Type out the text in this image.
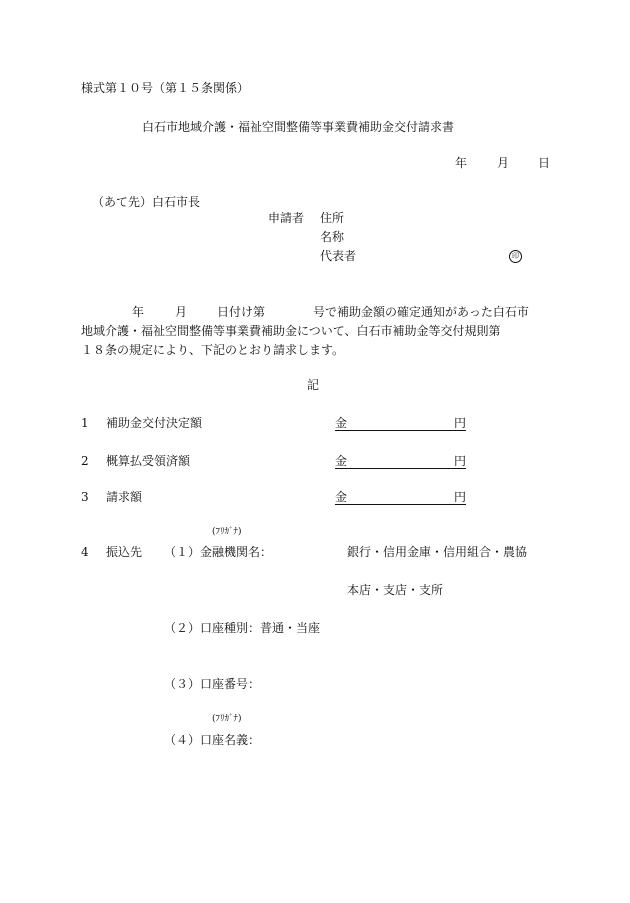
様式第１０号（第１５条関係）
白石市地域介護・福祉空間整備等事業費補助金交付請求書
年 月 日
（あて先）白石市長
申請者 住所
名称
代表者	印
年	月 日付け第	号で補助金額の確定通知があった白石市
地域介護・福祉空間整備等事業費補助金について、白石市補助金等交付規則第
１８条の規定により、下記のとおり請求します。
記
1 補助金交付決定額	金	円
2 概算払受領済額	金	円
3 請求額	金	円
(ﾌﾘｶﾞﾅ)
4 振込先 （１）金融機関名：	銀行・信用金庫・信用組合・農協
本店・支店・支所
（２）口座種別：普通・当座
（３）口座番号：
(ﾌﾘｶﾞﾅ)
（４）口座名義：
